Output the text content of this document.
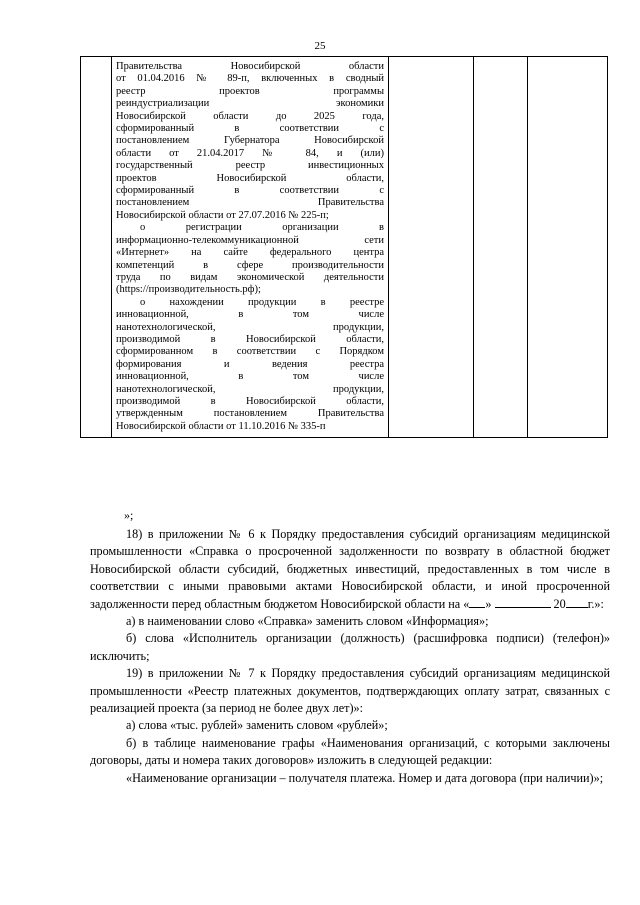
25

Правительства Новосибирской области

от 01.04.2016 № 89-п, включенных в сводный

реестр проектов программы

реиндустриализации экономики

Новосибирской области до 2025 года,

сформированный в соответствии с

постановлением Губернатора Новосибирской

области от 21.04.2017 № 84, и (или)

государственный реестр инвестиционных

проектов Новосибирской области,

сформированный в соответствии с

постановлением Правительства

Новосибирской области от 27.07.2016 № 225-п;

о регистрации организации в

информационно-телекоммуникационной сети

«Интернет» на сайте федерального центра

компетенций в сфере производительности

труда по видам экономической деятельности

(https://производительность.рф);

о нахождении продукции в реестре

инновационной, в том числе

нанотехнологической, продукции,

производимой в Новосибирской области,

сформированном в соответствии с Порядком

формирования и ведения реестра

инновационной, в том числе

нанотехнологической, продукции,

производимой в Новосибирской области,

утвержденным постановлением Правительства

Новосибирской области от 11.10.2016 № 335-п

»;

18) в приложении № 6 к Порядку предоставления субсидий организациям медицинской промышленности «Справка о просроченной задолженности по возврату в областной бюджет Новосибирской области субсидий, бюджетных инвестиций, предоставленных в том числе в соответствии с иными правовыми актами Новосибирской области, и иной просроченной задолженности перед областным бюджетом Новосибирской области на « »	20 г.»:

а) в наименовании слово «Справка» заменить словом «Информация»;

б) слова «Исполнитель организации (должность) (расшифровка подписи) (телефон)» исключить;

19) в приложении № 7 к Порядку предоставления субсидий организациям медицинской промышленности «Реестр платежных документов, подтверждающих оплату затрат, связанных с реализацией проекта (за период не более двух лет)»:

а) слова «тыс. рублей» заменить словом «рублей»;

б) в таблице наименование графы «Наименования организаций, с которыми заключены договоры, даты и номера таких договоров» изложить в следующей редакции:

«Наименование организации – получателя платежа. Номер и дата договора (при наличии)»;
